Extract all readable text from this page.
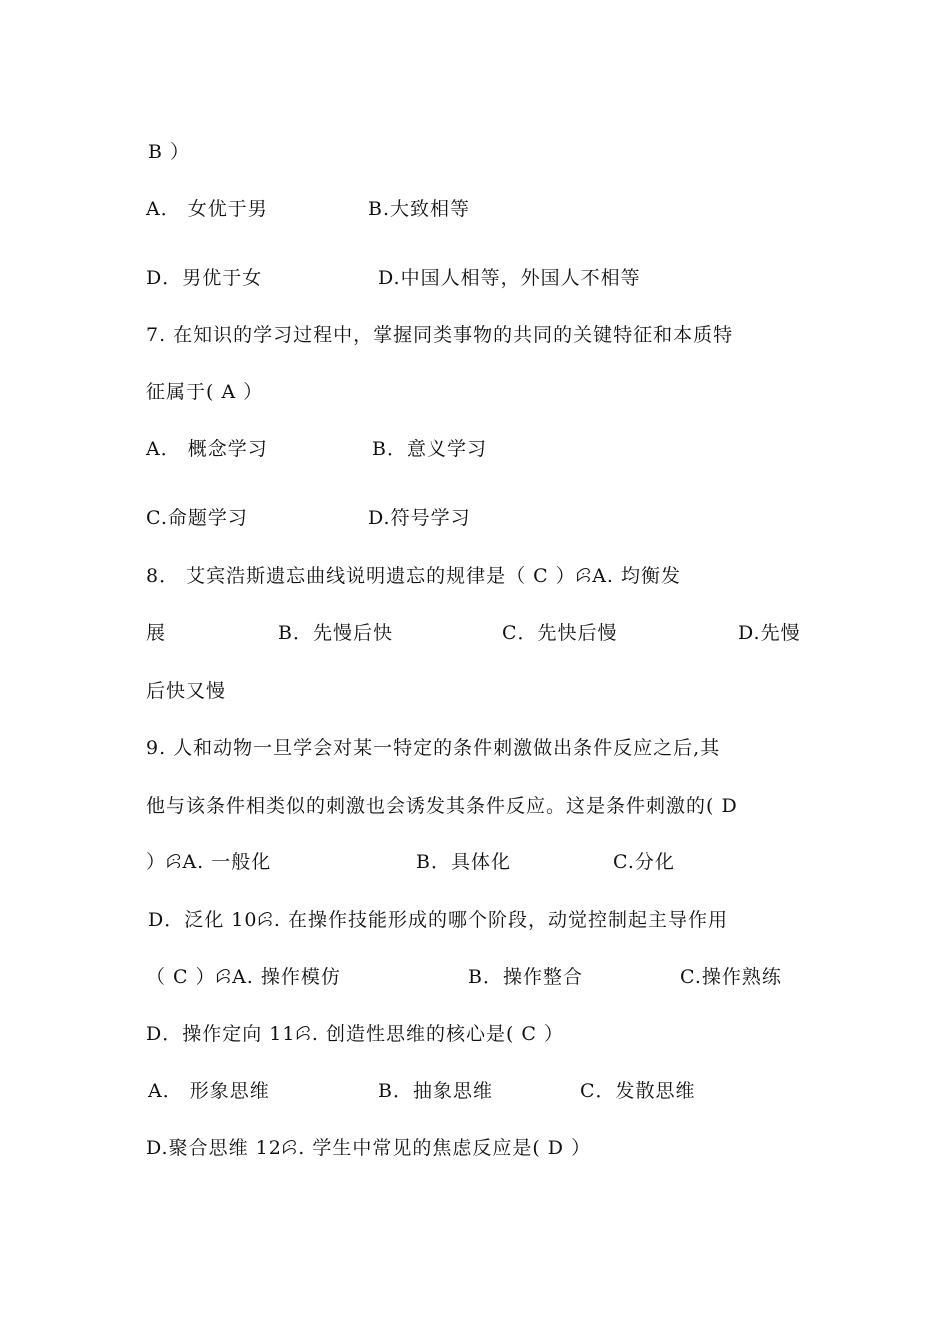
B ）

A． 女优于男

	B.大致相等

D．男优于女

	D.中国人相等，外国人不相等

7. 在知识的学习过程中，掌握同类事物的共同的关键特征和本质特

征属于( A ）

A． 概念学习

	B．意义学习

C.命题学习

	D.符号学习

8． 艾宾浩斯遗忘曲线说明遗忘的规律是（ C ）ꕸA. 均衡发

展

	B．先慢后快

	C．先快后慢

	D.先慢

后快又慢

9. 人和动物一旦学会对某一特定的条件刺激做出条件反应之后,其

他与该条件相类似的刺激也会诱发其条件反应。这是条件刺激的( D

）ꕸA. 一般化

	B．具体化

	C.分化

D．泛化 10ꕸ. 在操作技能形成的哪个阶段，动觉控制起主导作用

（ C ）ꕸA. 操作模仿

	B．操作整合

	C.操作熟练

D．操作定向 11ꕸ. 创造性思维的核心是( C ）

A． 形象思维

	B．抽象思维

	C．发散思维

D.聚合思维 12ꕸ. 学生中常见的焦虑反应是( D ）
